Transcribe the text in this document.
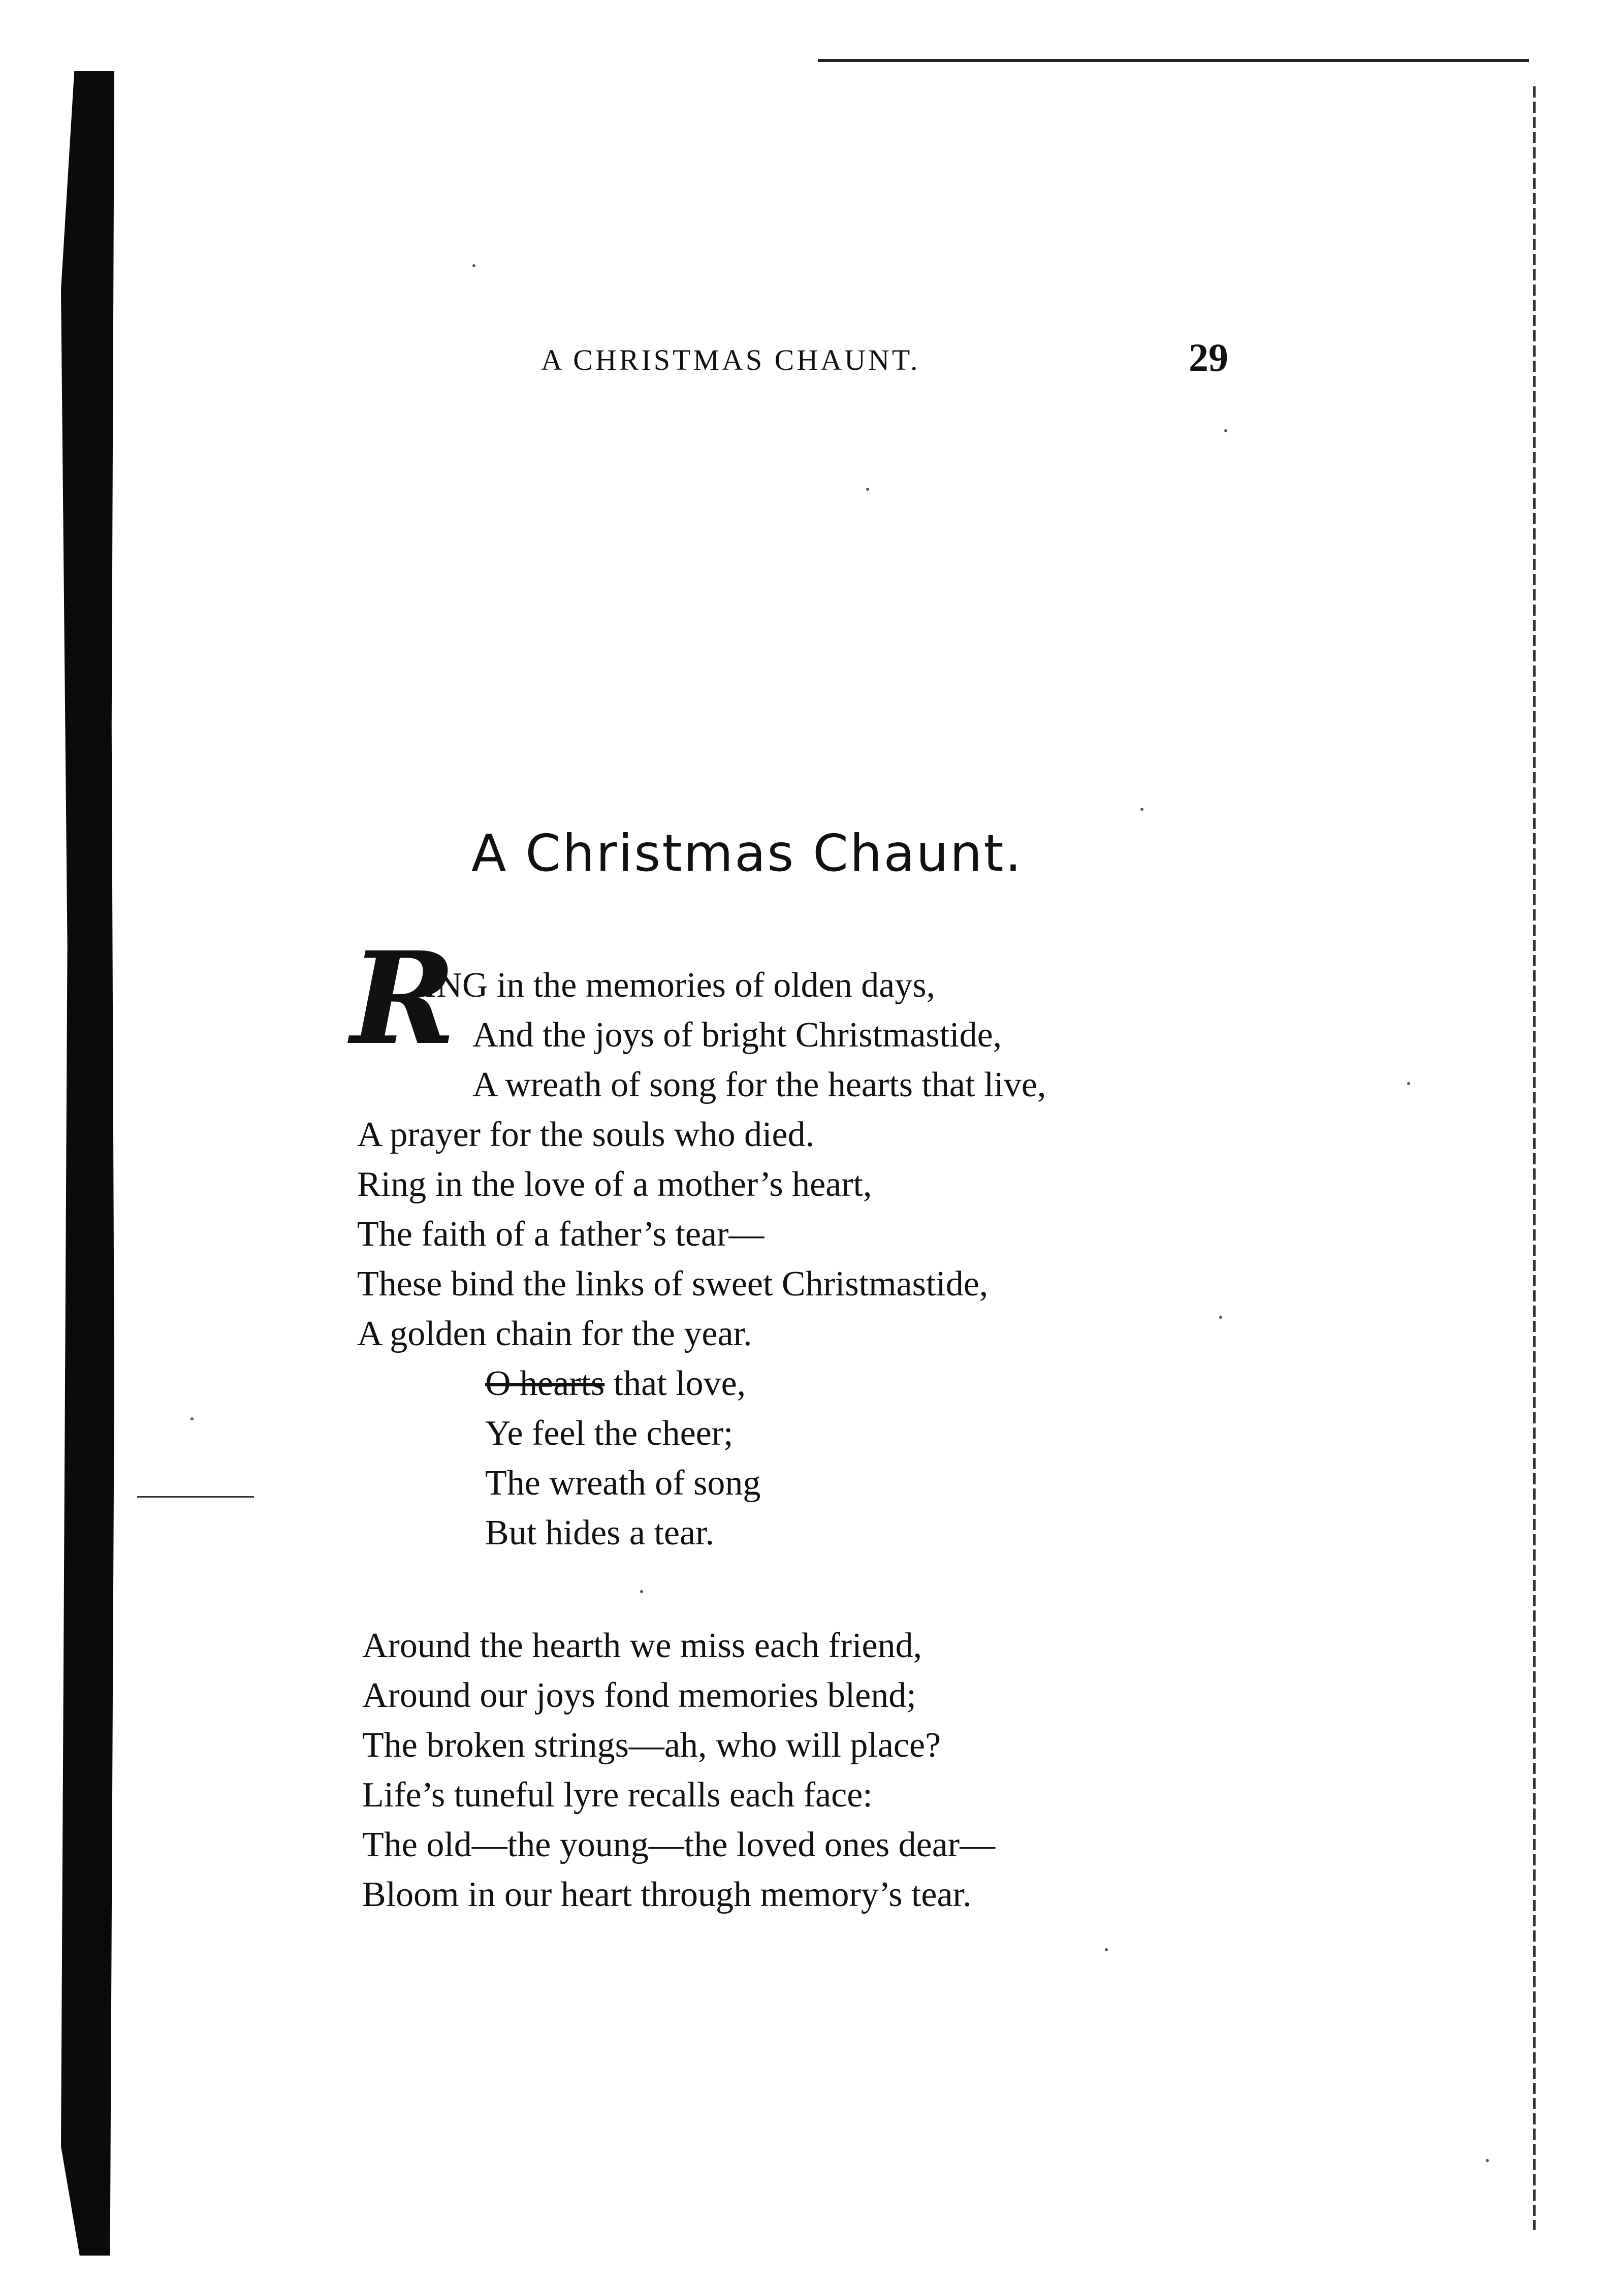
A CHRISTMAS CHAUNT.	29
A Christmas Chaunt.
R
ING in the memories of olden days,
And the joys of bright Christmastide,
A wreath of song for the hearts that live,
A prayer for the souls who died.
Ring in the love of a mother’s heart,
The faith of a father’s tear—
These bind the links of sweet Christmastide,
A golden chain for the year.
O hearts that love,
Ye feel the cheer;
The wreath of song
But hides a tear.
Around the hearth we miss each friend,
Around our joys fond memories blend;
The broken strings—ah, who will place?
Life’s tuneful lyre recalls each face:
The old—the young—the loved ones dear—
Bloom in our heart through memory’s tear.
